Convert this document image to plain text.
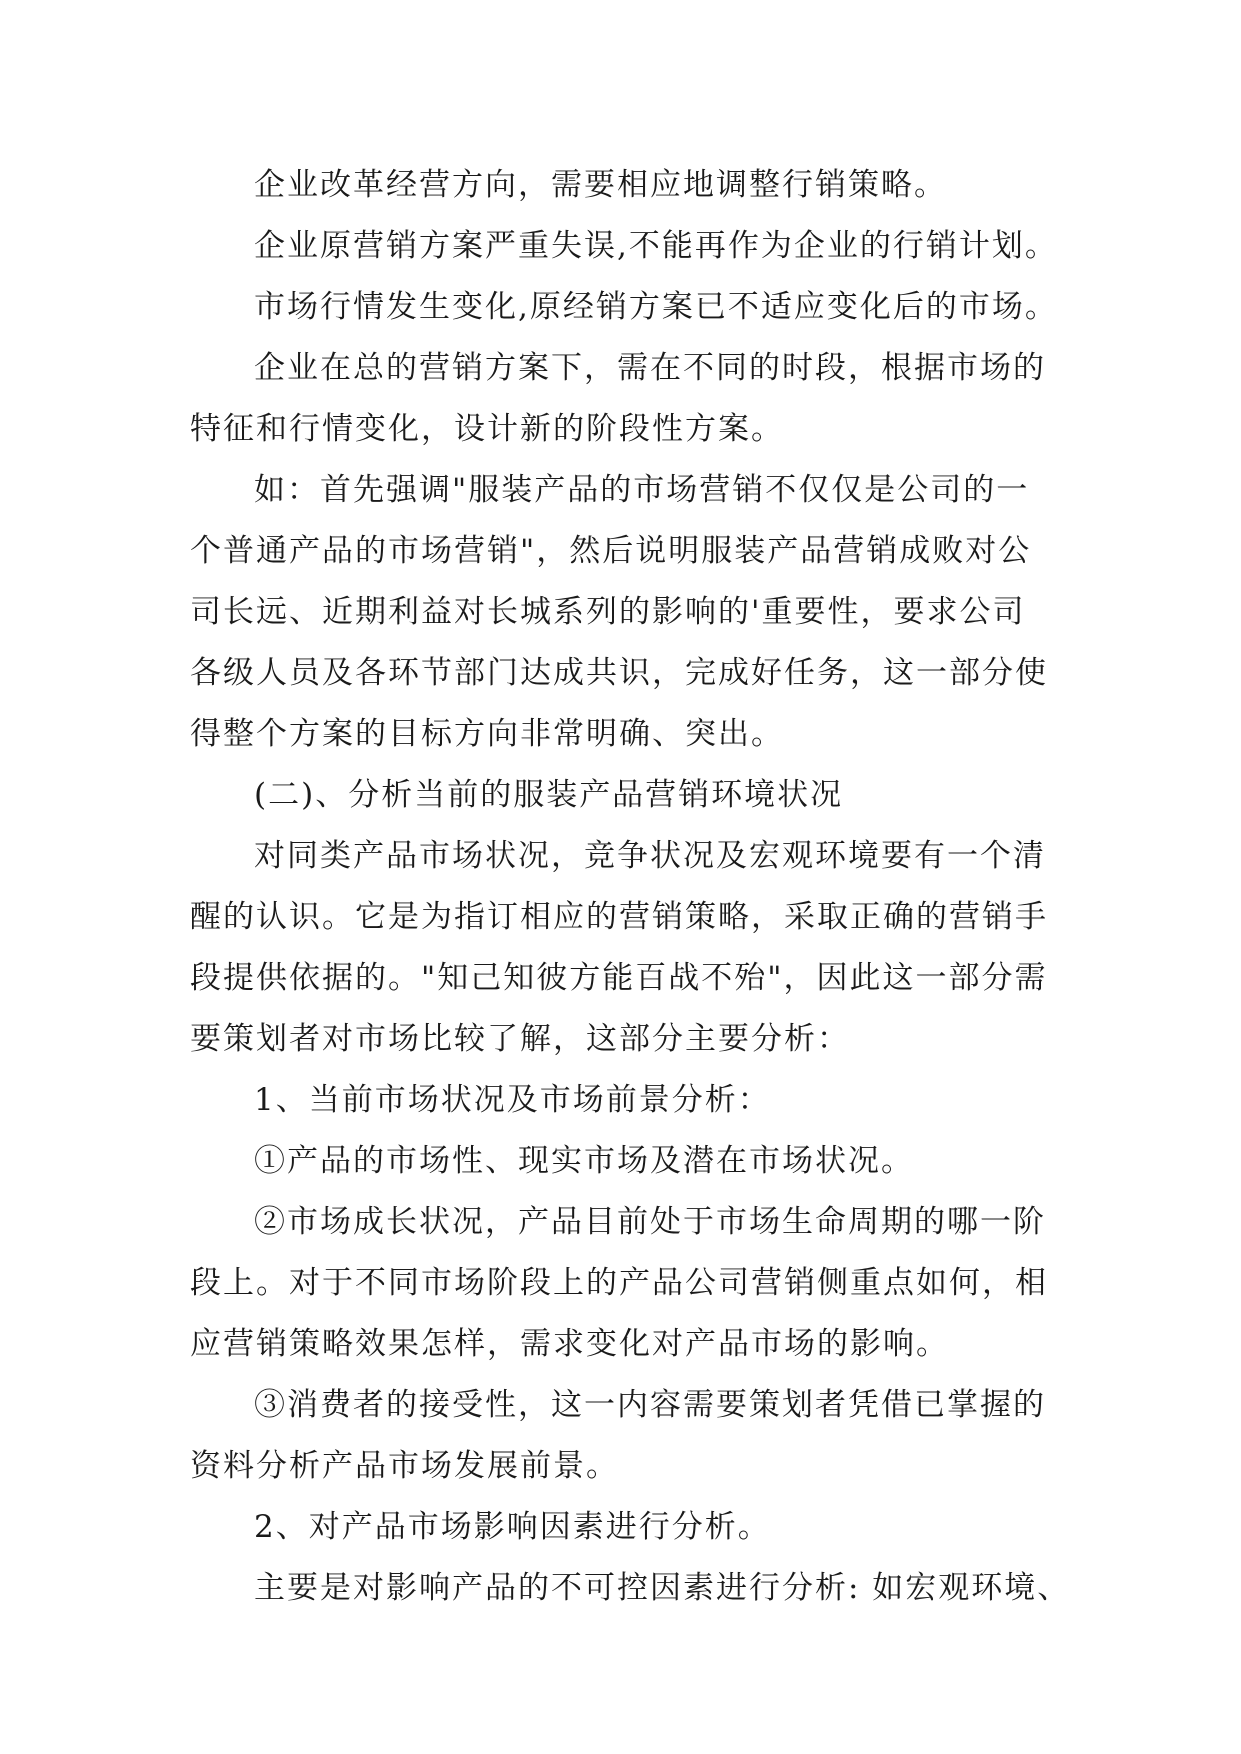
企业改革经营方向，需要相应地调整行销策略。
企业原营销方案严重失误,不能再作为企业的行销计划。
市场行情发生变化,原经销方案已不适应变化后的市场。
企业在总的营销方案下，需在不同的时段，根据市场的
特征和行情变化，设计新的阶段性方案。
如：首先强调"服装产品的市场营销不仅仅是公司的一
个普通产品的市场营销"，然后说明服装产品营销成败对公
司长远、近期利益对长城系列的影响的'重要性，要求公司
各级人员及各环节部门达成共识，完成好任务，这一部分使
得整个方案的目标方向非常明确、突出。
(二)、分析当前的服装产品营销环境状况
对同类产品市场状况，竞争状况及宏观环境要有一个清
醒的认识。它是为指订相应的营销策略，采取正确的营销手
段提供依据的。"知己知彼方能百战不殆"，因此这一部分需
要策划者对市场比较了解，这部分主要分析：
1、当前市场状况及市场前景分析：
①产品的市场性、现实市场及潜在市场状况。
②市场成长状况，产品目前处于市场生命周期的哪一阶
段上。对于不同市场阶段上的产品公司营销侧重点如何，相
应营销策略效果怎样，需求变化对产品市场的影响。
③消费者的接受性，这一内容需要策划者凭借已掌握的
资料分析产品市场发展前景。
2、对产品市场影响因素进行分析。
主要是对影响产品的不可控因素进行分析: 如宏观环境、
